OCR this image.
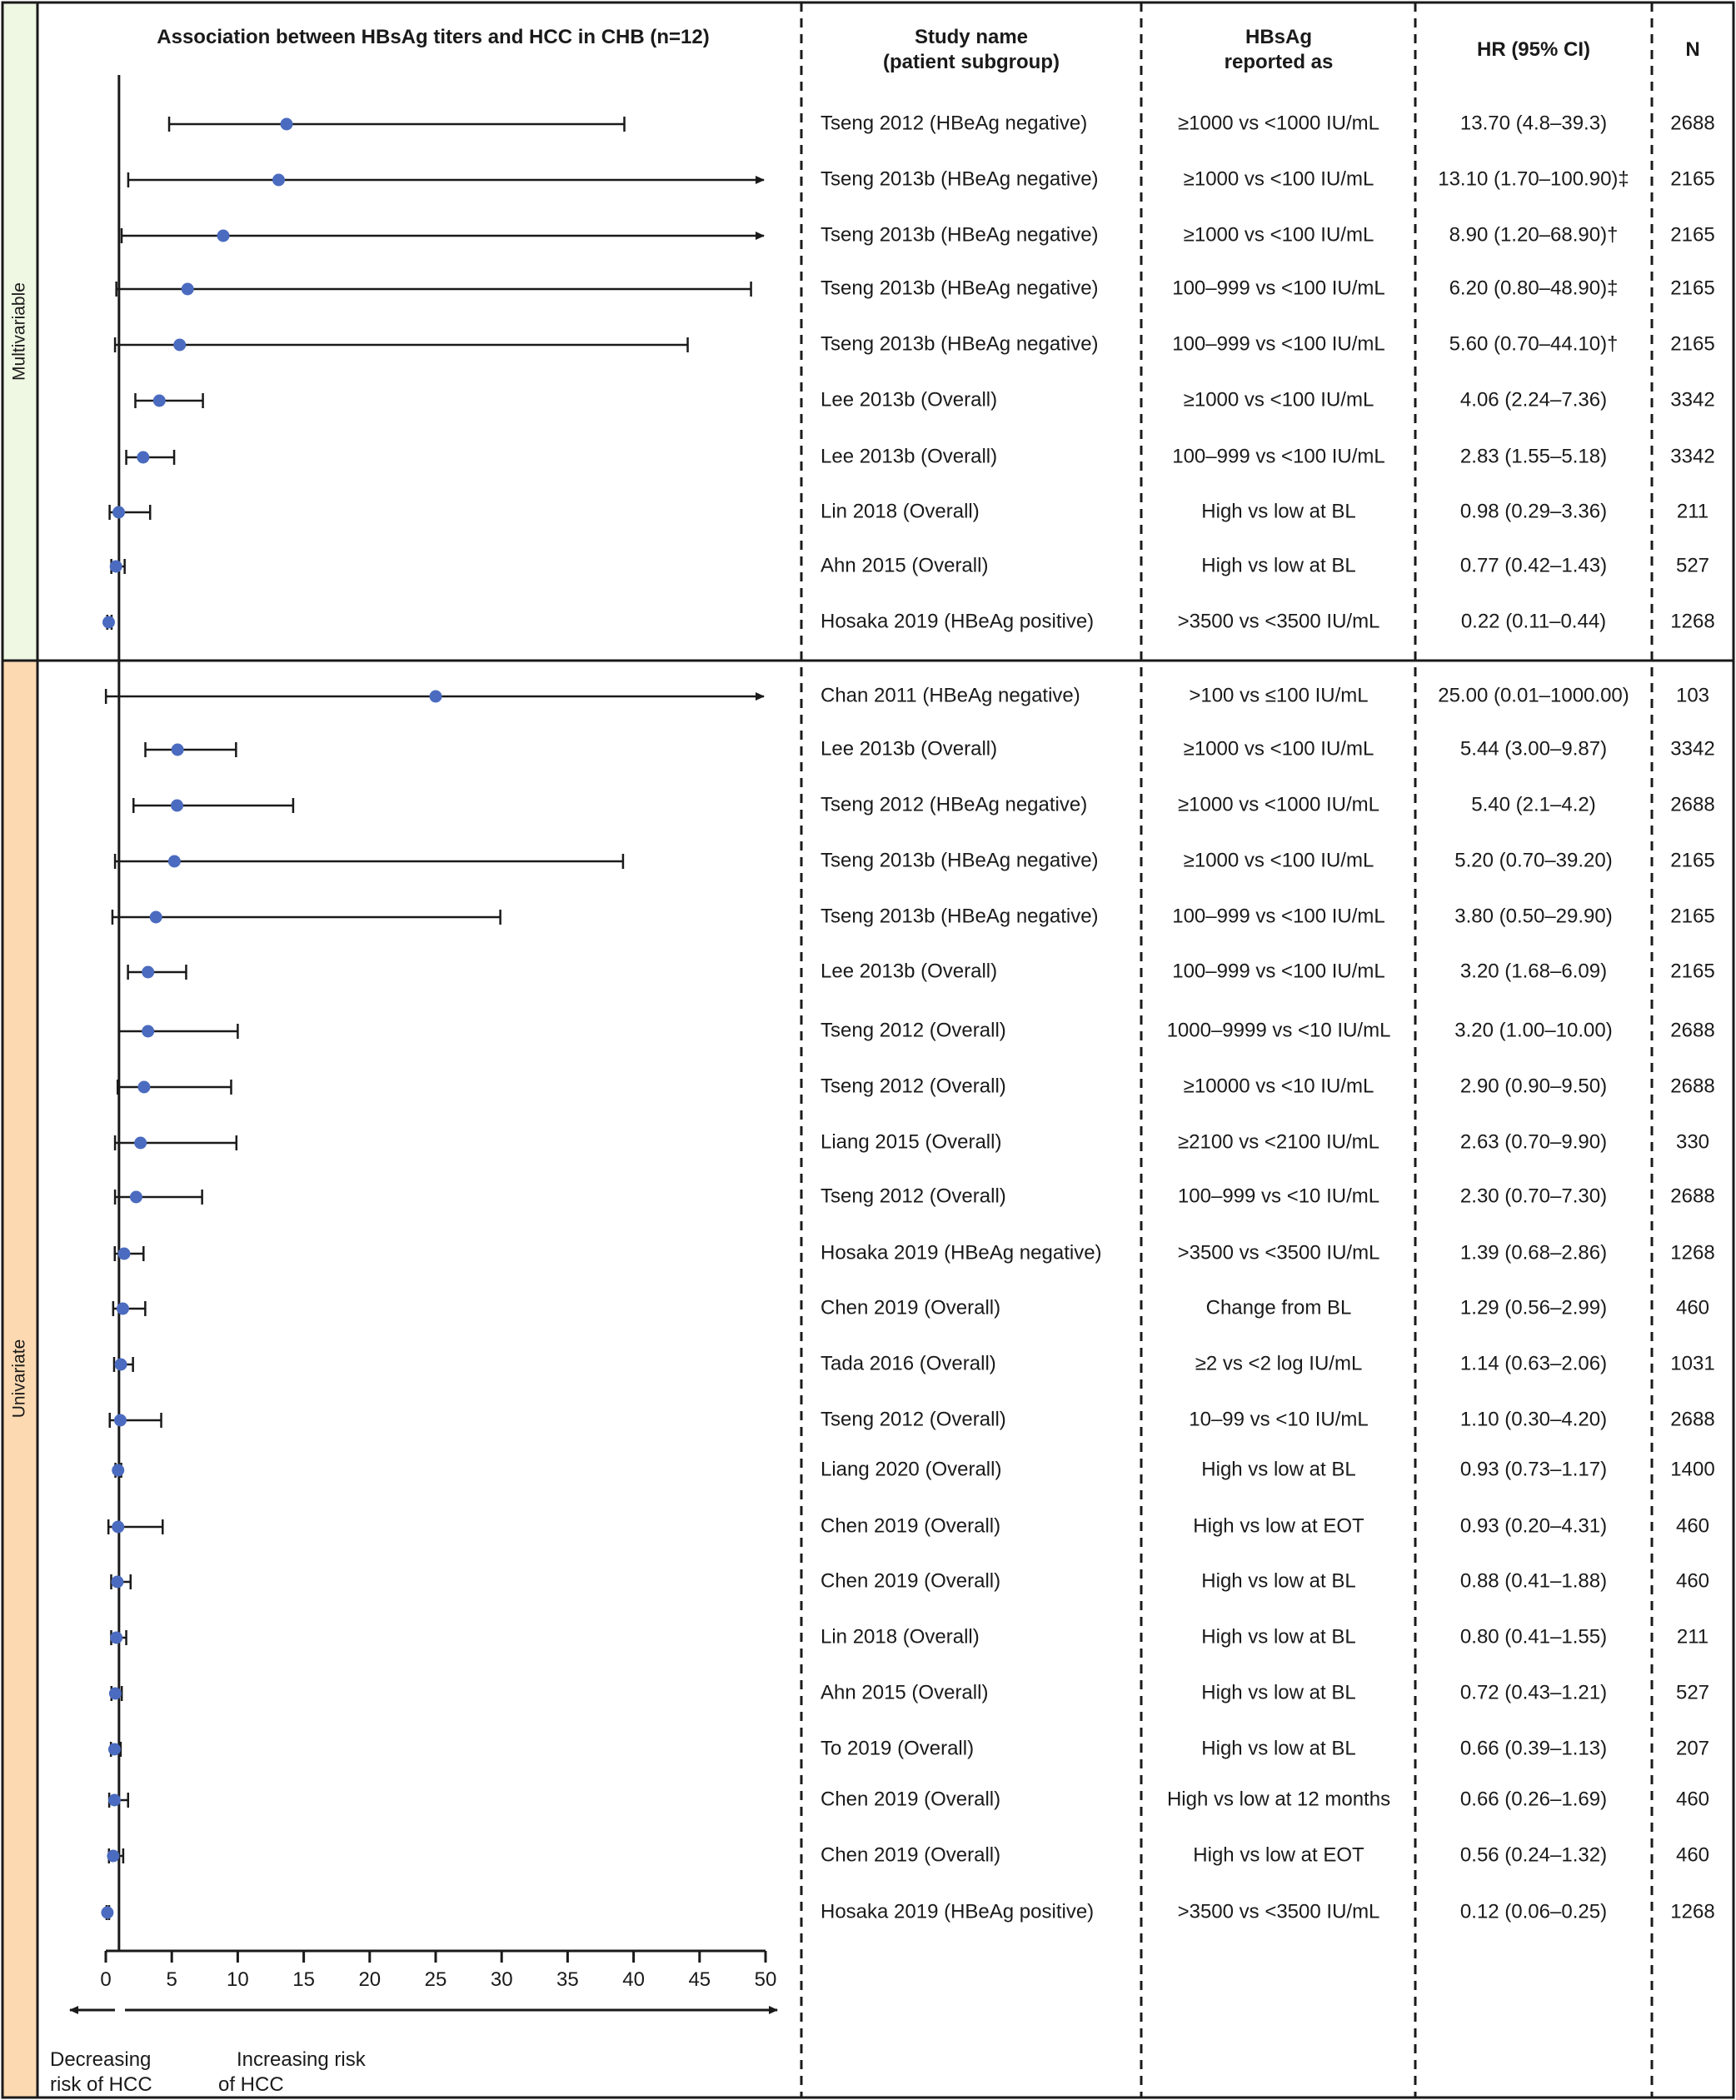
Multivariable
Univariate
Association between HBsAg titers and HCC in CHB (n=12)	Study name
(patient subgroup)
HBsAg
reported as
HR (95% CI)	N
0	5 10 15 20 25 30 35 40 45 50
Decreasing
risk of HCC
Increasing risk
of HCC
Tseng 2012 (HBeAg negative)	≥1000 vs <1000 IU/mL	13.70 (4.8–39.3)	2688
Tseng 2013b (HBeAg negative)	≥1000 vs <100 IU/mL	13.10 (1.70–100.90)‡ 2165
Tseng 2013b (HBeAg negative)	≥1000 vs <100 IU/mL	8.90 (1.20–68.90)†	2165
Tseng 2013b (HBeAg negative)	100–999 vs <100 IU/mL	6.20 (0.80–48.90)‡	2165
Tseng 2013b (HBeAg negative)	100–999 vs <100 IU/mL	5.60 (0.70–44.10)†	2165
Lee 2013b (Overall)	≥1000 vs <100 IU/mL	4.06 (2.24–7.36)	3342
Lee 2013b (Overall)	100–999 vs <100 IU/mL	2.83 (1.55–5.18)	3342
Lin 2018 (Overall)	High vs low at BL	0.98 (0.29–3.36)	211
Ahn 2015 (Overall)	High vs low at BL	0.77 (0.42–1.43)	527
Hosaka 2019 (HBeAg positive)	>3500 vs <3500 IU/mL	0.22 (0.11–0.44)	1268
Chan 2011 (HBeAg negative)	>100 vs ≤100 IU/mL	25.00 (0.01–1000.00) 103
Lee 2013b (Overall)	≥1000 vs <100 IU/mL	5.44 (3.00–9.87)	3342
Tseng 2012 (HBeAg negative)	≥1000 vs <1000 IU/mL	5.40 (2.1–4.2)	2688
Tseng 2013b (HBeAg negative)	≥1000 vs <100 IU/mL	5.20 (0.70–39.20)	2165
Tseng 2013b (HBeAg negative)	100–999 vs <100 IU/mL	3.80 (0.50–29.90)	2165
Lee 2013b (Overall)	100–999 vs <100 IU/mL	3.20 (1.68–6.09)	2165
Tseng 2012 (Overall)	1000–9999 vs <10 IU/mL	3.20 (1.00–10.00)	2688
Tseng 2012 (Overall)	≥10000 vs <10 IU/mL	2.90 (0.90–9.50)	2688
Liang 2015 (Overall)	≥2100 vs <2100 IU/mL	2.63 (0.70–9.90)	330
Tseng 2012 (Overall)	100–999 vs <10 IU/mL	2.30 (0.70–7.30)	2688
Hosaka 2019 (HBeAg negative)	>3500 vs <3500 IU/mL	1.39 (0.68–2.86)	1268
Chen 2019 (Overall)	Change from BL	1.29 (0.56–2.99)	460
Tada 2016 (Overall)	≥2 vs <2 log IU/mL	1.14 (0.63–2.06)	1031
Tseng 2012 (Overall)	10–99 vs <10 IU/mL	1.10 (0.30–4.20)	2688
Liang 2020 (Overall)	High vs low at BL	0.93 (0.73–1.17)	1400
Chen 2019 (Overall)	High vs low at EOT	0.93 (0.20–4.31)	460
Chen 2019 (Overall)	High vs low at BL	0.88 (0.41–1.88)	460
Lin 2018 (Overall)	High vs low at BL	0.80 (0.41–1.55)	211
Ahn 2015 (Overall)	High vs low at BL	0.72 (0.43–1.21)	527
To 2019 (Overall)	High vs low at BL	0.66 (0.39–1.13)	207
Chen 2019 (Overall)	High vs low at 12 months	0.66 (0.26–1.69)	460
Chen 2019 (Overall)	High vs low at EOT	0.56 (0.24–1.32)	460
Hosaka 2019 (HBeAg positive)	>3500 vs <3500 IU/mL	0.12 (0.06–0.25)	1268
